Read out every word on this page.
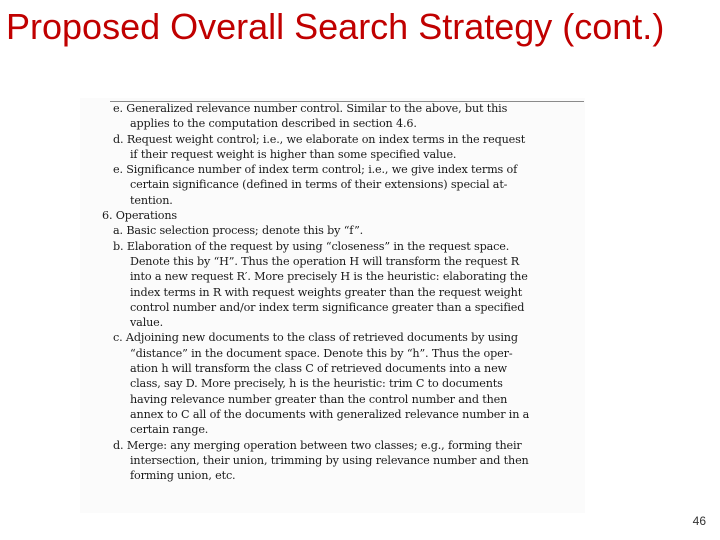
Proposed Overall Search Strategy (cont.)
e. Generalized relevance number control. Similar to the above, but this
applies to the computation described in section 4.6.
d. Request weight control; i.e., we elaborate on index terms in the request
if their request weight is higher than some specified value.
e. Significance number of index term control; i.e., we give index terms of
certain significance (defined in terms of their extensions) special at-
tention.
6. Operations
a. Basic selection process; denote this by “f”.
b. Elaboration of the request by using “closeness” in the request space.
Denote this by “H”. Thus the operation H will transform the request R
into a new request R′. More precisely H is the heuristic: elaborating the
index terms in R with request weights greater than the request weight
control number and/or index term significance greater than a specified
value.
c. Adjoining new documents to the class of retrieved documents by using
“distance” in the document space. Denote this by “h”. Thus the oper-
ation h will transform the class C of retrieved documents into a new
class, say D. More precisely, h is the heuristic: trim C to documents
having relevance number greater than the control number and then
annex to C all of the documents with generalized relevance number in a
certain range.
d. Merge: any merging operation between two classes; e.g., forming their
intersection, their union, trimming by using relevance number and then
forming union, etc.
46
